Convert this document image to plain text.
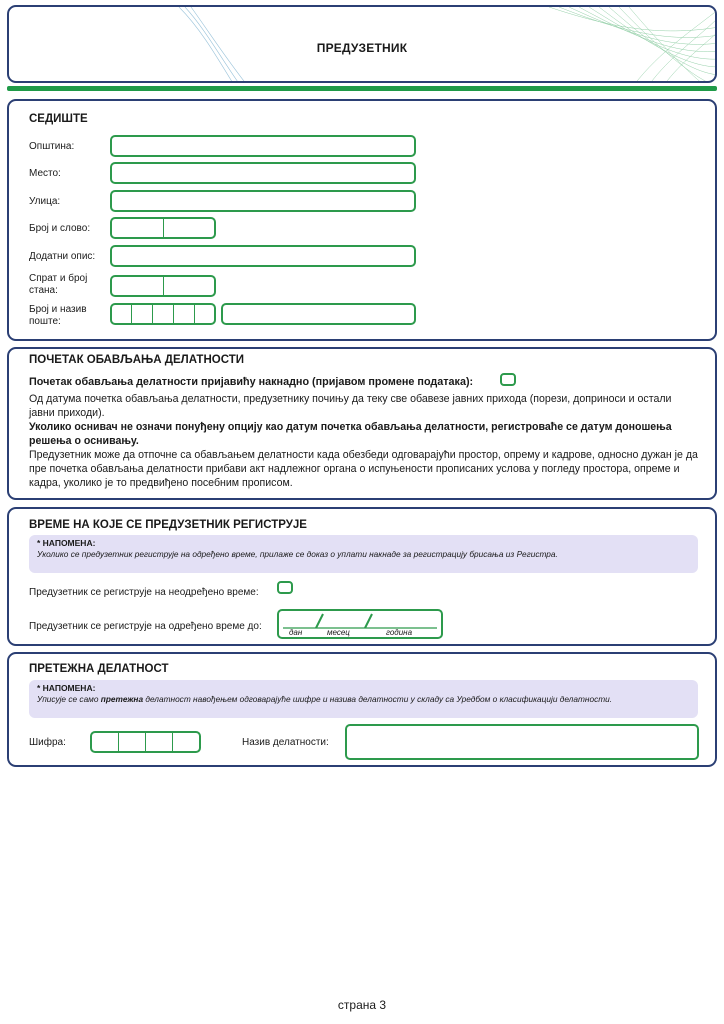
ПРЕДУЗЕТНИК
СЕДИШТЕ
Општина:
Место:
Улица:
Број и слово:
Додатни опис:
Спрат и број
стана:
Број и назив
поште:
ПОЧЕТАК ОБАВЉАЊА ДЕЛАТНОСТИ
Почетак обављања делатности пријавићу накнадно (пријавом промене података):
Од датума почетка обављања делатности, предузетнику почињу да теку све обавезе јавних прихода (порези, доприноси и остали јавни приходи).
Уколико оснивач не означи понуђену опцију као датум почетка обављања делатности, регистроваће се датум доношења решења о оснивању.
Предузетник може да отпочне са обављањем делатности када обезбеди одговарајући простор, опрему и кадрове, односно дужан је да пре почетка обављања делатности прибави акт надлежног органа о испуњености прописаних услова у погледу простора, опреме и кадра, уколико је то предвиђено посебним прописом.
ВРЕМЕ НА КОЈЕ СЕ ПРЕДУЗЕТНИК РЕГИСТРУЈЕ
* НАПОМЕНА:
Уколико се предузетник региструје на одређено време, прилаже се доказ о уплати накнаде за регистрацију брисања из Регистра.
Предузетник се региструје на неодређено време:
Предузетник се региструје на одређено време до:
дан	месец	година
ПРЕТЕЖНА ДЕЛАТНОСТ
* НАПОМЕНА:
Уписује се само претежна делатност навођењем одговарајуће шифре и назива делатности у складу са Уредбом о класификацији делатности.
Шифра:	Назив делатности:
страна 3
